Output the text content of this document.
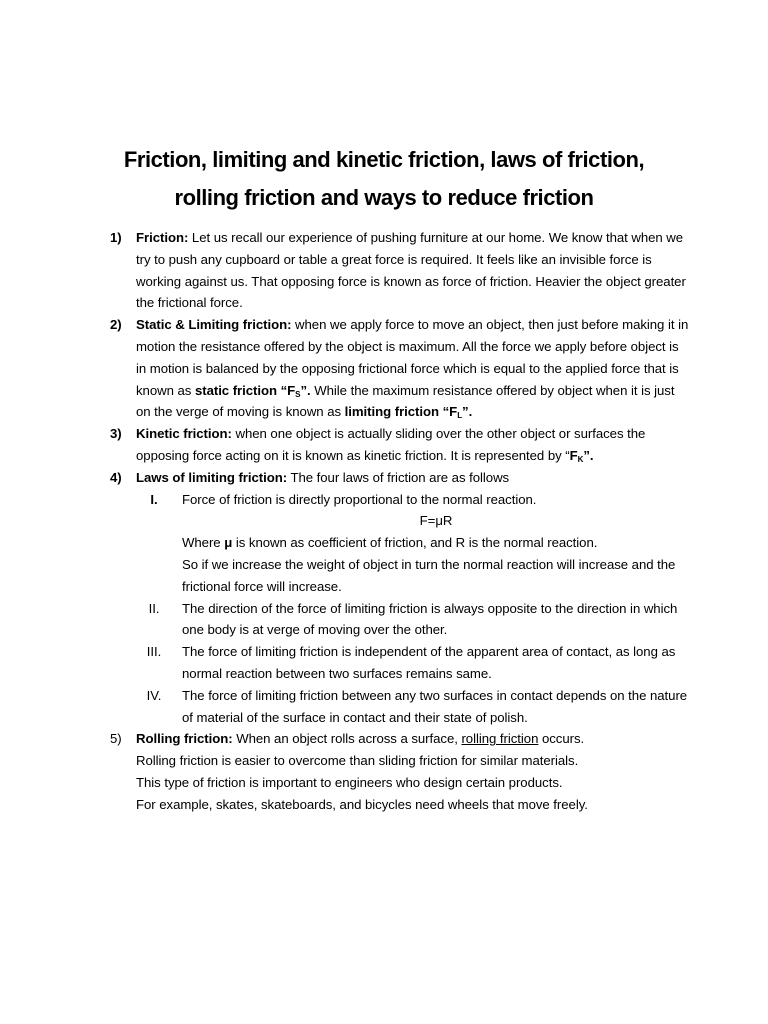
Friction, limiting and kinetic friction, laws of friction,
rolling friction and ways to reduce friction
1) Friction: Let us recall our experience of pushing furniture at our home. We know that when we try to push any cupboard or table a great force is required. It feels like an invisible force is working against us. That opposing force is known as force of friction. Heavier the object greater the frictional force.
2) Static & Limiting friction: when we apply force to move an object, then just before making it in motion the resistance offered by the object is maximum. All the force we apply before object is in motion is balanced by the opposing frictional force which is equal to the applied force that is known as static friction “$F_S$”. While the maximum resistance offered by object when it is just on the verge of moving is known as limiting friction “$F_L$”.
3) Kinetic friction: when one object is actually sliding over the other object or surfaces the opposing force acting on it is known as kinetic friction. It is represented by “$F_K$”.
4) Laws of limiting friction: The four laws of friction are as follows
I.	Force of friction is directly proportional to the normal reaction.
F=μR
Where μ is known as coefficient of friction, and R is the normal reaction.
So if we increase the weight of object in turn the normal reaction will increase and the frictional force will increase.
II.	The direction of the force of limiting friction is always opposite to the direction in which one body is at verge of moving over the other.
III. The force of limiting friction is independent of the apparent area of contact, as long as normal reaction between two surfaces remains same.
IV. The force of limiting friction between any two surfaces in contact depends on the nature of material of the surface in contact and their state of polish.
5) Rolling friction: When an object rolls across a surface, rolling friction occurs.
Rolling friction is easier to overcome than sliding friction for similar materials.
This type of friction is important to engineers who design certain products.
For example, skates, skateboards, and bicycles need wheels that move freely.
